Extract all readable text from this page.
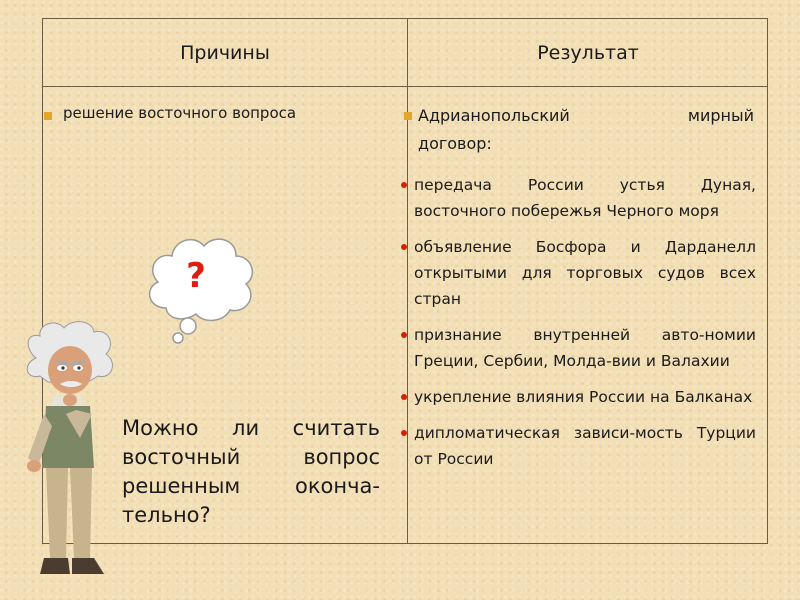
Причины	Результат
решение восточного вопроса	Адрианопольский мирный
договор:
передача России устья Дуная, восточного побережья Черного моря
объявление Босфора и Дарданелл открытыми для торговых судов всех стран
признание внутренней авто-номии Греции, Сербии, Молда-вии и Валахии
укрепление влияния России на Балканах
дипломатическая зависи-мость Турции от России
?
Можно ли считать восточный вопрос решенным оконча-тельно?
